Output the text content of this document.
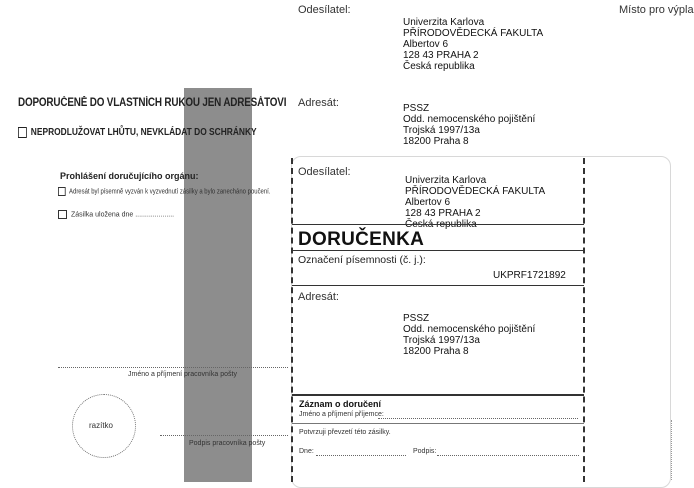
Odesílatel:
Univerzita Karlova
PŘÍRODOVĚDECKÁ FAKULTA
Albertov 6
128 43 PRAHA 2
Česká republika
Místo pro výpla
Adresát:	PSSZ
Odd. nemocenského pojištění
Trojská 1997/13a
18200 Praha 8
DOPORUČENĚ DO VLASTNÍCH RUKOU JEN ADRESÁTOVI
NEPRODLUŽOVAT LHŮTU, NEVKLÁDAT DO SCHRÁNKY
Prohlášení doručujícího orgánu:
Adresát byl písemně vyzván k vyzvednutí zásilky a bylo zanecháno poučení.
Zásilka uložena dne ....................
Jméno a příjmení pracovníka pošty
razítko
Podpis pracovníka pošty
Odesílatel:
Univerzita Karlova
PŘÍRODOVĚDECKÁ FAKULTA
Albertov 6
128 43 PRAHA 2
Česká republika
DORUČENKA
Označení písemnosti (č. j.):
UKPRF1721892
Adresát:
PSSZ
Odd. nemocenského pojištění
Trojská 1997/13a
18200 Praha 8
Záznam o doručení
Jméno a příjmení příjemce:
Potvrzuji převzetí této zásilky.
Dne:	Podpis:
